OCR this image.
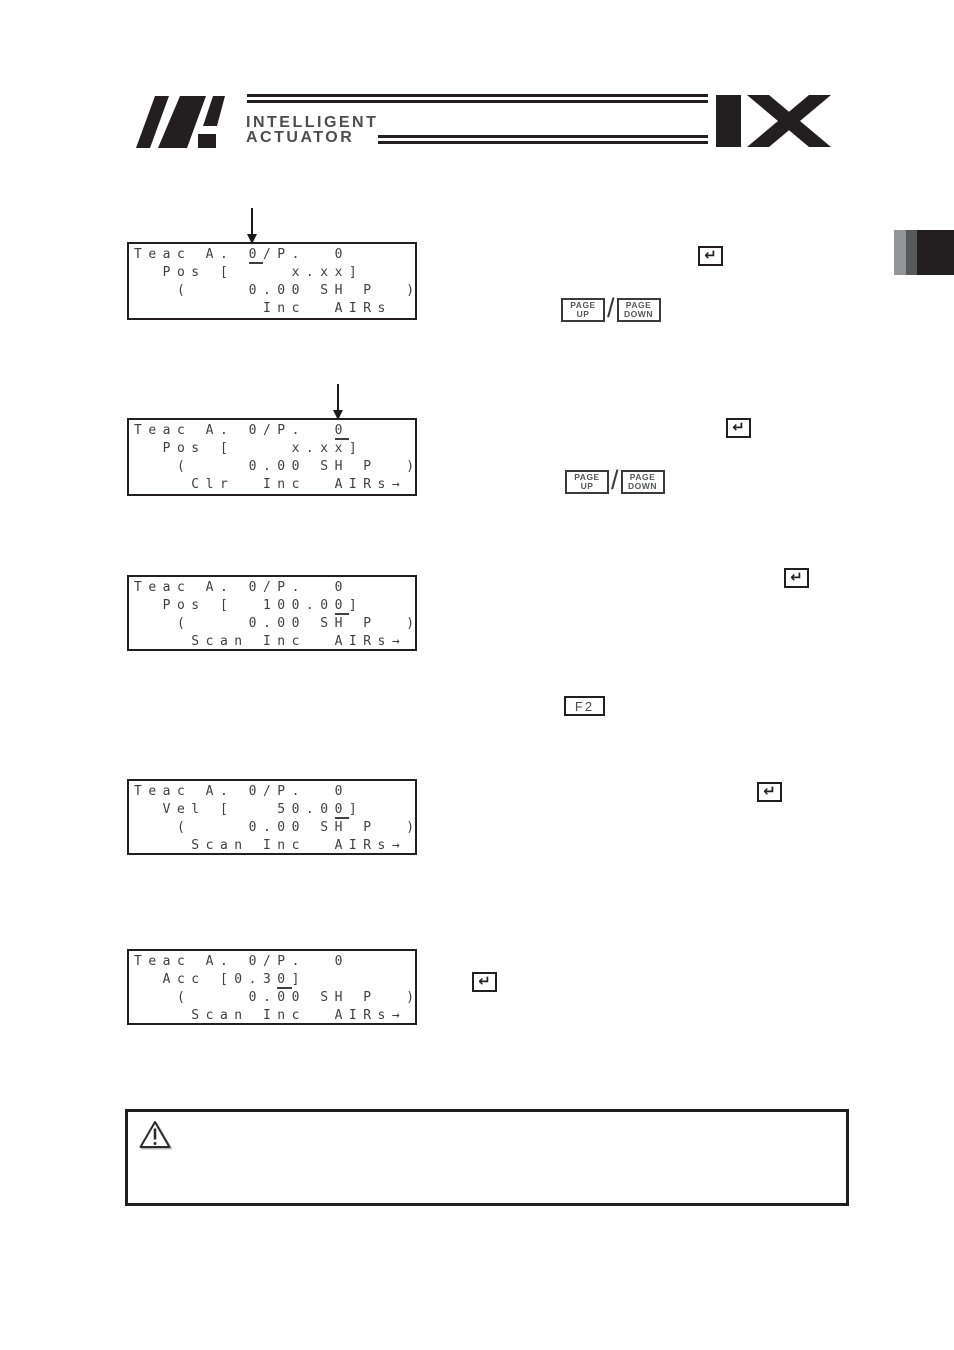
INTELLIGENT
ACTUATOR
Teac A. 0/P.  0
Pos [    x.xx]
(    0.00 SH P  )
Inc  AIRs
Teac A. 0/P.  0
Pos [    x.xx]
(    0.00 SH P  )
Clr  Inc  AIRs→
Teac A. 0/P.  0
Pos [  100.00]
(    0.00 SH P  )
Scan Inc  AIRs→
Teac A. 0/P.  0
Vel [   50.00]
(    0.00 SH P  )
Scan Inc  AIRs→
Teac A. 0/P.  0
Acc [0.30]
(    0.00 SH P  )
Scan Inc  AIRs→
↵
PAGE
UP / PAGE
DOWN
↵
PAGE
UP / PAGE
DOWN
↵
F2
↵
↵
